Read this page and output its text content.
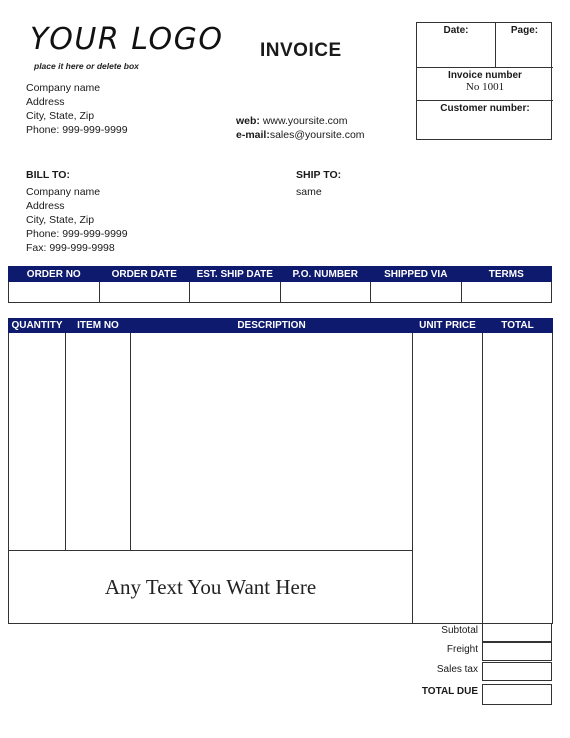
YOUR LOGO
place it here or delete box
INVOICE
Company name
Address
City, State, Zip
Phone: 999-999-9999
web: www.yoursite.com
e-mail:sales@yoursite.com
Date:	Page:
Invoice number
No 1001
Customer number:
BILL TO:
Company name
Address
City, State, Zip
Phone: 999-999-9999
Fax: 999-999-9998
SHIP TO:
same
ORDER NO	ORDER DATE	EST. SHIP DATE	P.O. NUMBER	SHIPPED VIA	TERMS

QUANTITY	ITEM NO	DESCRIPTION	UNIT PRICE	TOTAL

Any Text You Want Here				
Subtotal
Freight
Sales tax
TOTAL DUE
